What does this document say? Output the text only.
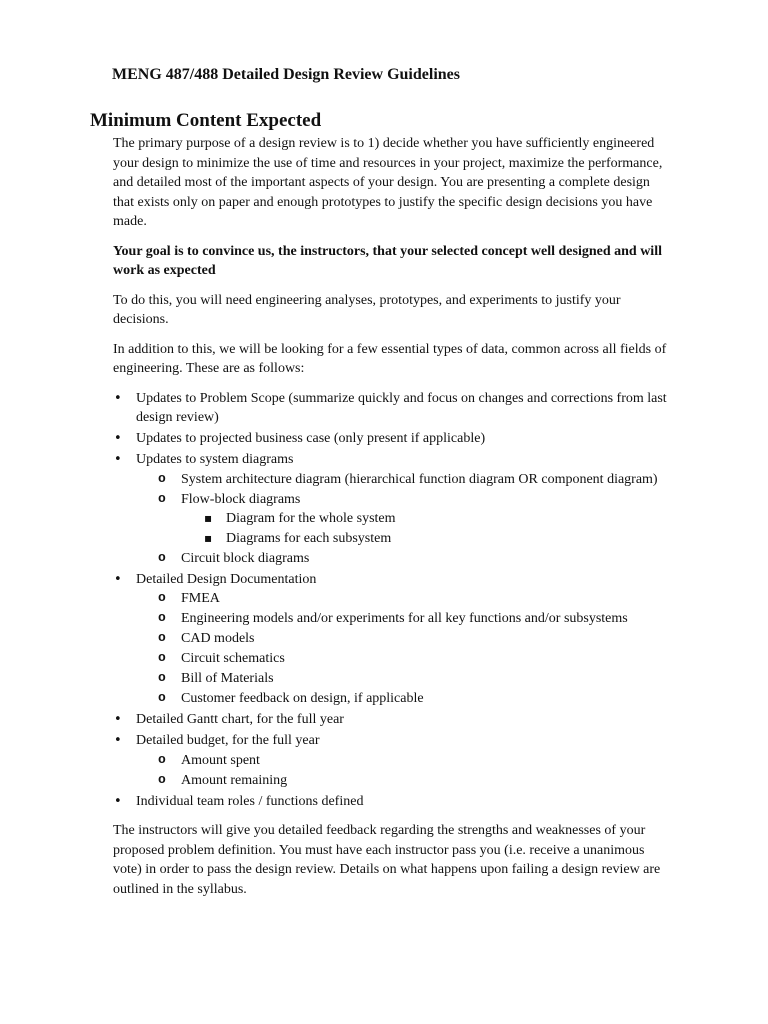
MENG 487/488 Detailed Design Review Guidelines
Minimum Content Expected

The primary purpose of a design review is to 1) decide whether you have sufficiently engineered your design to minimize the use of time and resources in your project, maximize the performance, and detailed most of the important aspects of your design. You are presenting a complete design that exists only on paper and enough prototypes to justify the specific design decisions you have made.

Your goal is to convince us, the instructors, that your selected concept well designed and will work as expected

To do this, you will need engineering analyses, prototypes, and experiments to justify your decisions.

In addition to this, we will be looking for a few essential types of data, common across all fields of engineering. These are as follows:

• Updates to Problem Scope (summarize quickly and focus on changes and corrections from last design review)
• Updates to projected business case (only present if applicable)
• Updates to system diagrams
o System architecture diagram (hierarchical function diagram OR component diagram)
o Flow-block diagrams
▪ Diagram for the whole system
▪ Diagrams for each subsystem
o Circuit block diagrams
• Detailed Design Documentation
o FMEA
o Engineering models and/or experiments for all key functions and/or subsystems
o CAD models
o Circuit schematics
o Bill of Materials
o Customer feedback on design, if applicable
• Detailed Gantt chart, for the full year
• Detailed budget, for the full year
o Amount spent
o Amount remaining
• Individual team roles / functions defined

The instructors will give you detailed feedback regarding the strengths and weaknesses of your proposed problem definition. You must have each instructor pass you (i.e. receive a unanimous vote) in order to pass the design review. Details on what happens upon failing a design review are outlined in the syllabus.
